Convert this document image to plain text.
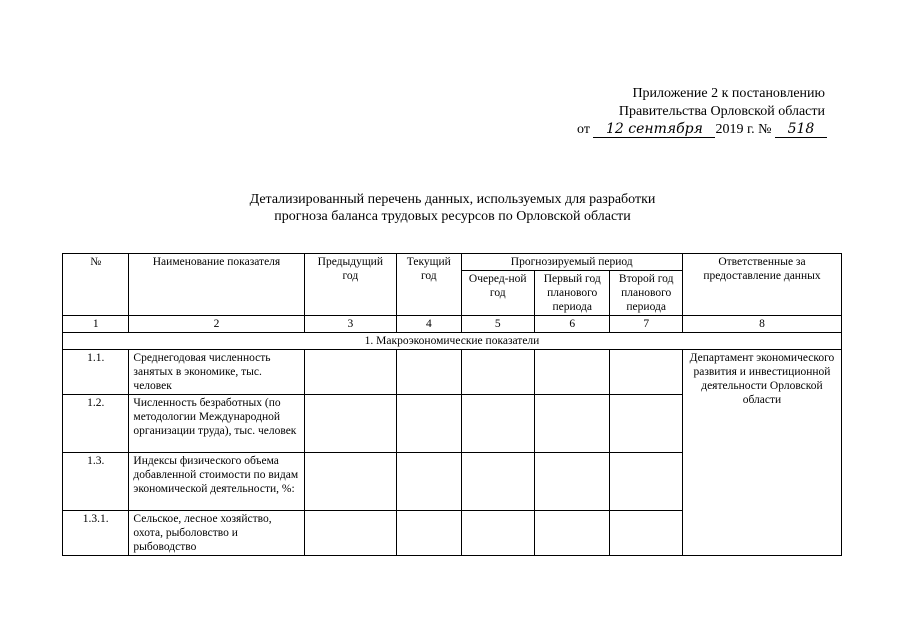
Приложение 2 к постановлению
Правительства Орловской области
от 12 сентября 2019 г. № 518
Детализированный перечень данных, используемых для разработки
прогноза баланса трудовых ресурсов по Орловской области
№	Наименование показателя	Предыдущий год	Текущий год	Прогнозируемый период			Ответственные за предоставление данных
				Очеред-ной год	Первый год планового периода	Второй год планового периода	
1	2	3	4	5	6	7	8
1. Макроэкономические показатели							
1.1.	Среднегодовая численность занятых в экономике, тыс. человек						Департамент экономического развития и инвестиционной деятельности Орловской области
1.2.	Численность безработных (по методологии Международной организации труда), тыс. человек						
1.3.	Индексы физического объема добавленной стоимости по видам экономической деятельности, %:						
1.3.1.	Сельское, лесное хозяйство, охота, рыболовство и рыбоводство						
